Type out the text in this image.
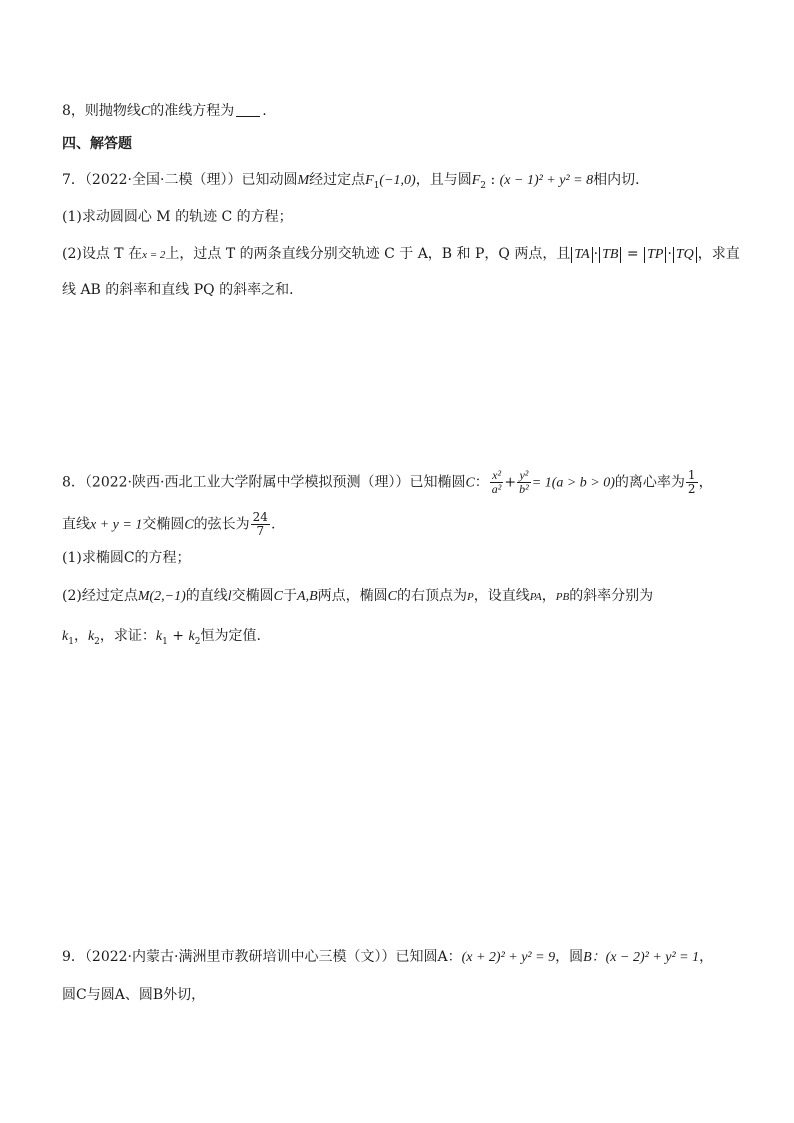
8，则抛物线C的准线方程为 .
四、解答题
7．（2022·全国·二模（理））已知动圆M经过定点$F_1(-1,0)$，且与圆$F_2$ : (x − 1)² + y² = 8相内切．
(1)求动圆圆心 M 的轨迹 C 的方程；
(2)设点 T 在x = 2上，过点 T 的两条直线分别交轨迹 C 于 A，B 和 P，Q 两点，且 TA · TB = TP · TQ ，求直
线 AB 的斜率和直线 PQ 的斜率之和．
8．（2022·陕西·西北工业大学附属中学模拟预测（理））已知椭圆C： $\frac{\text{x²}}{\text{a²}} + \frac{\text{y²}}{\text{b²}} = 1(a > b > 0)$的离心率为 $\frac{1}{2}$ ，
直线x + y = 1交椭圆C的弦长为 $\frac{24}{7}$ .
(1)求椭圆C的方程；
(2)经过定点M(2,−1)的直线l交椭圆C于A,B两点，椭圆C的右顶点为P，设直线PA，PB的斜率分别为
$k_1$，$k_2$，求证：$k_1 + k_2$恒为定值.
9．（2022·内蒙古·满洲里市教研培训中心三模（文））已知圆A：(x + 2)² + y² = 9，圆B：(x − 2)² + y² = 1，
圆C与圆A、圆B外切，
